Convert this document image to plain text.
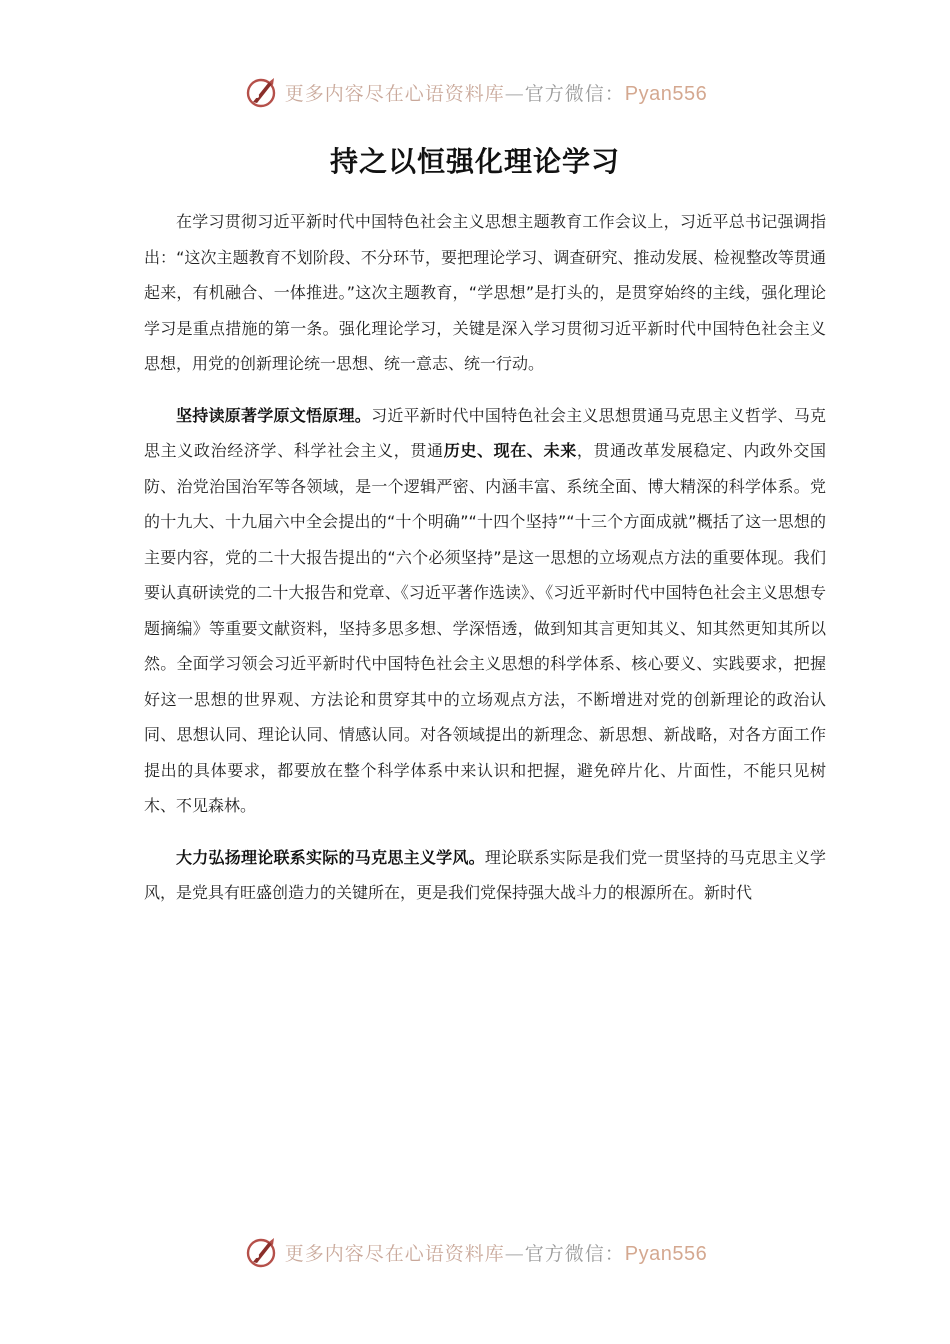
更多内容尽在心语资料库—官方微信：Pyan556
持之以恒强化理论学习

在学习贯彻习近平新时代中国特色社会主义思想主题教育工作会议上，习近平总书记强调指出：“这次主题教育不划阶段、不分环节，要把理论学习、调查研究、推动发展、检视整改等贯通起来，有机融合、一体推进。”这次主题教育，“学思想”是打头的，是贯穿始终的主线，强化理论学习是重点措施的第一条。强化理论学习，关键是深入学习贯彻习近平新时代中国特色社会主义思想，用党的创新理论统一思想、统一意志、统一行动。

坚持读原著学原文悟原理。习近平新时代中国特色社会主义思想贯通马克思主义哲学、马克思主义政治经济学、科学社会主义，贯通历史、现在、未来，贯通改革发展稳定、内政外交国防、治党治国治军等各领域，是一个逻辑严密、内涵丰富、系统全面、博大精深的科学体系。党的十九大、十九届六中全会提出的“十个明确”“十四个坚持”“十三个方面成就”概括了这一思想的主要内容，党的二十大报告提出的“六个必须坚持”是这一思想的立场观点方法的重要体现。我们要认真研读党的二十大报告和党章、《习近平著作选读》、《习近平新时代中国特色社会主义思想专题摘编》等重要文献资料，坚持多思多想、学深悟透，做到知其言更知其义、知其然更知其所以然。全面学习领会习近平新时代中国特色社会主义思想的科学体系、核心要义、实践要求，把握好这一思想的世界观、方法论和贯穿其中的立场观点方法，不断增进对党的创新理论的政治认同、思想认同、理论认同、情感认同。对各领域提出的新理念、新思想、新战略，对各方面工作提出的具体要求，都要放在整个科学体系中来认识和把握，避免碎片化、片面性，不能只见树木、不见森林。

大力弘扬理论联系实际的马克思主义学风。理论联系实际是我们党一贯坚持的马克思主义学风，是党具有旺盛创造力的关键所在，更是我们党保持强大战斗力的根源所在。新时代

更多内容尽在心语资料库—官方微信：Pyan556
